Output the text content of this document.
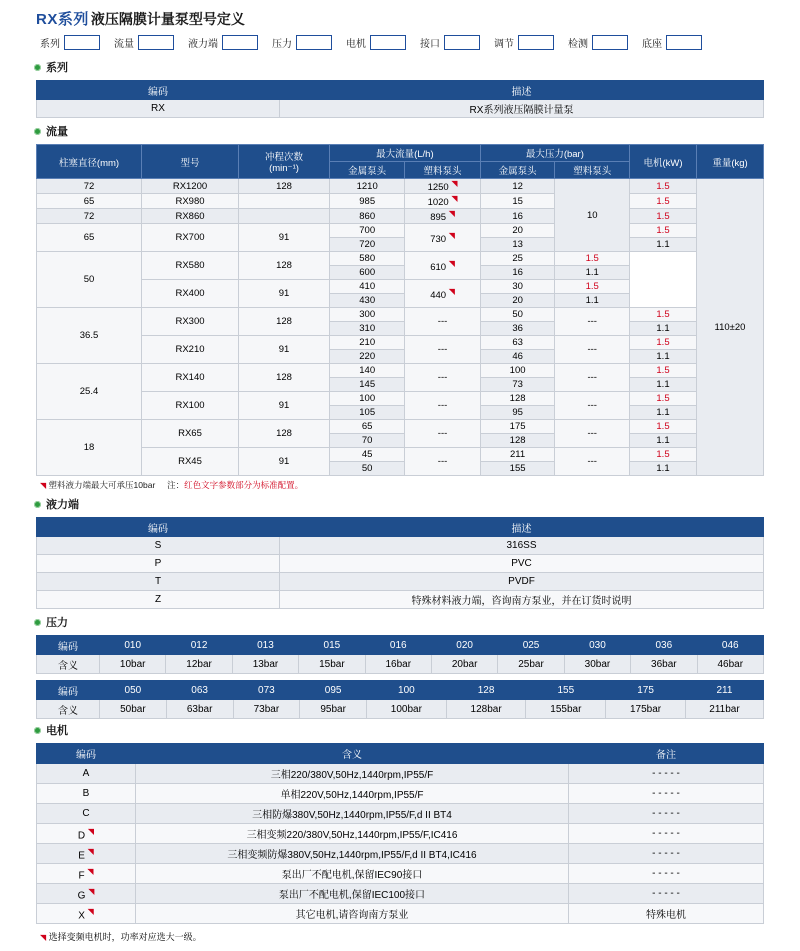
RX系列 液压隔膜计量泵型号定义
系列	流量	液力端	压力	电机	接口	调节	检测	底座
系列
编码	描述
RX	RX系列液压隔膜计量泵
流量
柱塞直径(mm)	型号	冲程次数
(min⁻¹)	最大流量(L/h)		最大压力(bar)		电机(kW)	重量(kg)
			金属泵头	塑料泵头	金属泵头	塑料泵头		
72	RX1200	128	1210	1250 ◥	12	10	1.5	110±20
65	RX980		985	1020 ◥	15		1.5	
72	RX860		860	895 ◥	16		1.5	
65	RX700	91	700	730 ◥	20		1.5	
			720		13		1.1	
50	RX580	128	580	610 ◥	25	1.5		
			600		16	1.1		
	RX400	91	410	440 ◥	30	1.5		
			430		20	1.1		
36.5	RX300	128	300	---	50	---	1.5	
			310		36		1.1	
	RX210	91	210	---	63	---	1.5	
			220		46		1.1	
25.4	RX140	128	140	---	100	---	1.5	
			145		73		1.1	
	RX100	91	100	---	128	---	1.5	
			105		95		1.1	
18	RX65	128	65	---	175	---	1.5	
			70		128		1.1	
	RX45	91	45	---	211	---	1.5	
			50		155		1.1	
◥ 塑料液力端最大可承压10bar 注：红色文字参数部分为标准配置。
液力端
编码	描述
S	316SS
P	PVC
T	PVDF
Z	特殊材料液力端，咨询南方泵业，并在订货时说明
压力
编码	010	012	013	015	016	020	025	030	036	046
含义	10bar	12bar	13bar	15bar	16bar	20bar	25bar	30bar	36bar	46bar
编码	050	063	073	095	100	128	155	175	211
含义	50bar	63bar	73bar	95bar	100bar	128bar	155bar	175bar	211bar
电机
编码	含义	备注
A	三相220/380V,50Hz,1440rpm,IP55/F	- - - - -
B	单相220V,50Hz,1440rpm,IP55/F	- - - - -
C	三相防爆380V,50Hz,1440rpm,IP55/F,d II BT4	- - - - -
D ◥	三相变频220/380V,50Hz,1440rpm,IP55/F,IC416	- - - - -
E ◥	三相变频防爆380V,50Hz,1440rpm,IP55/F,d II BT4,IC416	- - - - -
F ◥	泵出厂不配电机,保留IEC90接口	- - - - -
G ◥	泵出厂不配电机,保留IEC100接口	- - - - -
X ◥	其它电机,请咨询南方泵业	特殊电机
◥ 选择变频电机时，功率对应选大一级。
